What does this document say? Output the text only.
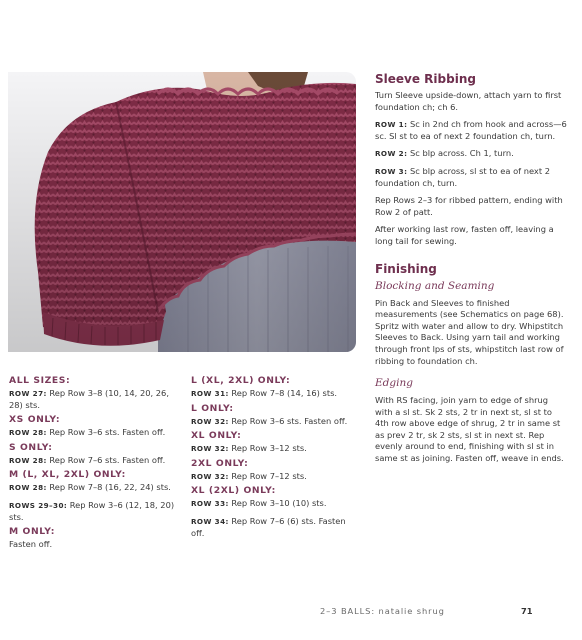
ALL SIZES:
ROW 27: Rep Row 3–8 (10, 14, 20, 26, 28) sts.
XS ONLY:
ROW 28: Rep Row 3–6 sts. Fasten off.
S ONLY:
ROW 28: Rep Row 7–6 sts. Fasten off.
M (L, XL, 2XL) ONLY:
ROW 28: Rep Row 7–8 (16, 22, 24) sts.
ROWS 29–30: Rep Row 3–6 (12, 18, 20) sts.
M ONLY:
Fasten off.
L (XL, 2XL) ONLY:
ROW 31: Rep Row 7–8 (14, 16) sts.
L ONLY:
ROW 32: Rep Row 3–6 sts. Fasten off.
XL ONLY:
ROW 32: Rep Row 3–12 sts.
2XL ONLY:
ROW 32: Rep Row 7–12 sts.
XL (2XL) ONLY:
ROW 33: Rep Row 3–10 (10) sts.
ROW 34: Rep Row 7–6 (6) sts. Fasten off.
Sleeve Ribbing

Turn Sleeve upside-down, attach yarn to first foundation ch; ch 6.

ROW 1: Sc in 2nd ch from hook and across—6 sc. Sl st to ea of next 2 foundation ch, turn.

ROW 2: Sc blp across. Ch 1, turn.

ROW 3: Sc blp across, sl st to ea of next 2 foundation ch, turn.

Rep Rows 2–3 for ribbed pattern, ending with Row 2 of patt.

After working last row, fasten off, leaving a long tail for sewing.

Finishing
Blocking and Seaming

Pin Back and Sleeves to finished measurements (see Schematics on page 68). Spritz with water and allow to dry. Whipstitch Sleeves to Back. Using yarn tail and working through front lps of sts, whipstitch last row of ribbing to foundation ch.

Edging

With RS facing, join yarn to edge of shrug with a sl st. Sk 2 sts, 2 tr in next st, sl st to 4th row above edge of shrug, 2 tr in same st as prev 2 tr, sk 2 sts, sl st in next st. Rep evenly around to end, finishing with sl st in same st as joining. Fasten off, weave in ends.

2–3 BALLS: natalie shrug	71
